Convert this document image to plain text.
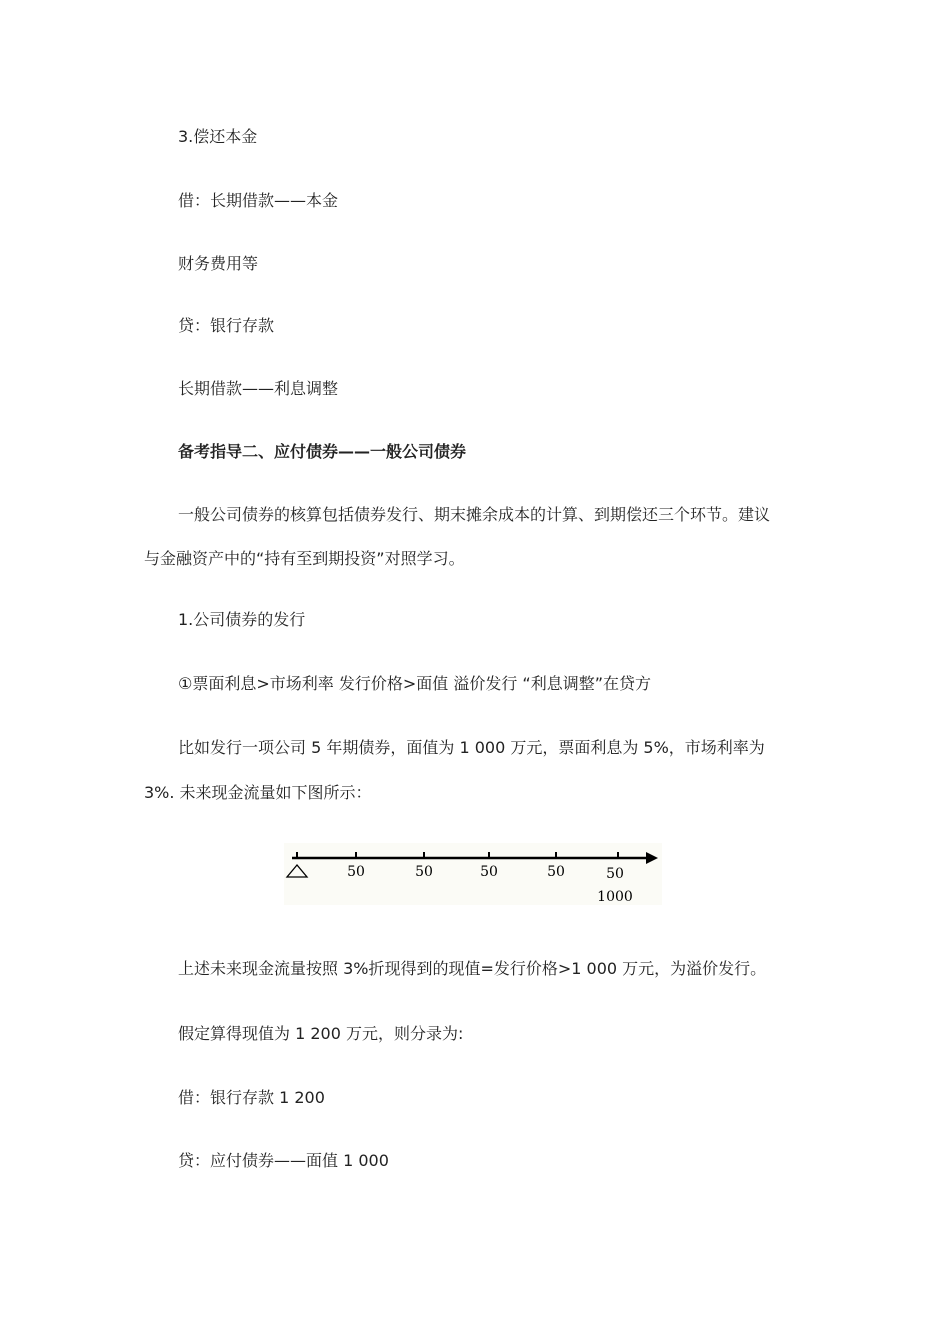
3.偿还本金
借：长期借款——本金
财务费用等
贷：银行存款
长期借款——利息调整
备考指导二、应付债券——一般公司债券
一般公司债券的核算包括债券发行、期末摊余成本的计算、到期偿还三个环节。建议
与金融资产中的“持有至到期投资”对照学习。
1.公司债券的发行
①票面利息>市场利率 发行价格>面值 溢价发行 “利息调整”在贷方
比如发行一项公司 5 年期债券，面值为 1 000 万元，票面利息为 5%，市场利率为
3%. 未来现金流量如下图所示：
50	50	50	50	50
1000
上述未来现金流量按照 3%折现得到的现值=发行价格>1 000 万元，为溢价发行。
假定算得现值为 1 200 万元，则分录为:
借：银行存款 1 200
贷：应付债券——面值 1 000
